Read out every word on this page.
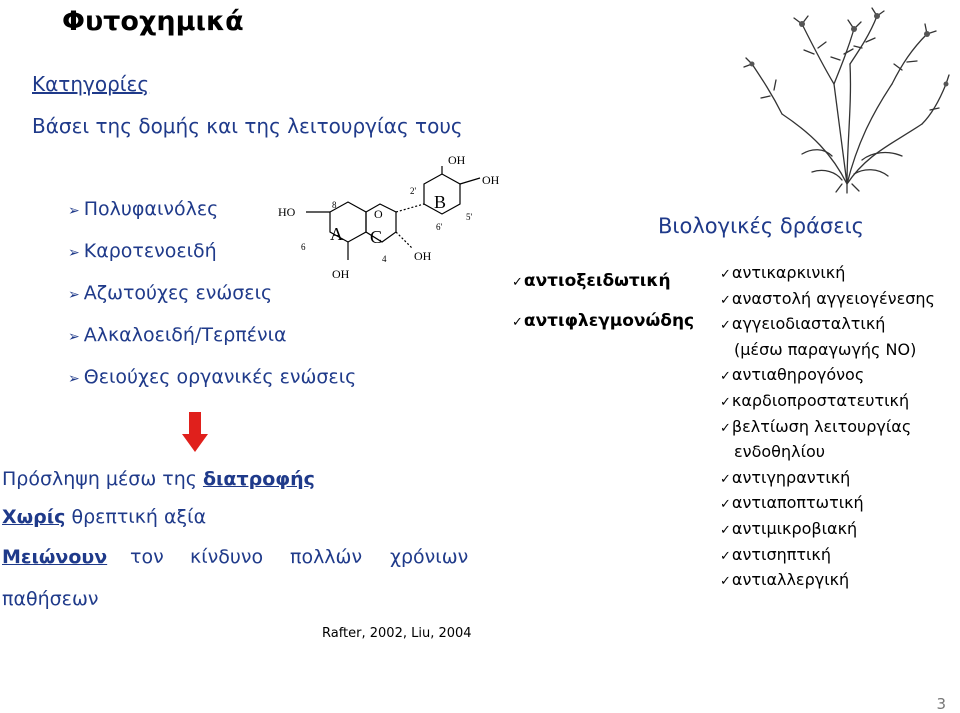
Φυτοχημικά
Κατηγορίες
Βάσει της δομής και της λειτουργίας τους
➢ Πολυφαινόλες
➢ Καροτενοειδή
➢ Αζωτούχες ενώσεις
➢ Αλκαλοειδή/Τερπένια
➢ Θειούχες οργανικές ενώσεις
HO
OH
OH
OH
OH
O
A C
B
8
6
4
2'
5'
6'
Πρόσληψη μέσω της διατροφής
Χωρίς θρεπτική αξία
Μειώνουν τον κίνδυνο πολλών χρόνιων
παθήσεων
Rafter, 2002, Liu, 2004
Βιολογικές δράσεις
✓αντιοξειδωτική
✓αντιφλεγμονώδης
✓αντικαρκινική
✓αναστολή αγγειογένεσης
✓αγγειοδιασταλτική
(μέσω παραγωγής NO)
✓αντιαθηρογόνος
✓καρδιοπροστατευτική
✓βελτίωση λειτουργίας
ενδοθηλίου
✓αντιγηραντική
✓αντιαποπτωτική
✓αντιμικροβιακή
✓αντισηπτική
✓αντιαλλεργική
3
